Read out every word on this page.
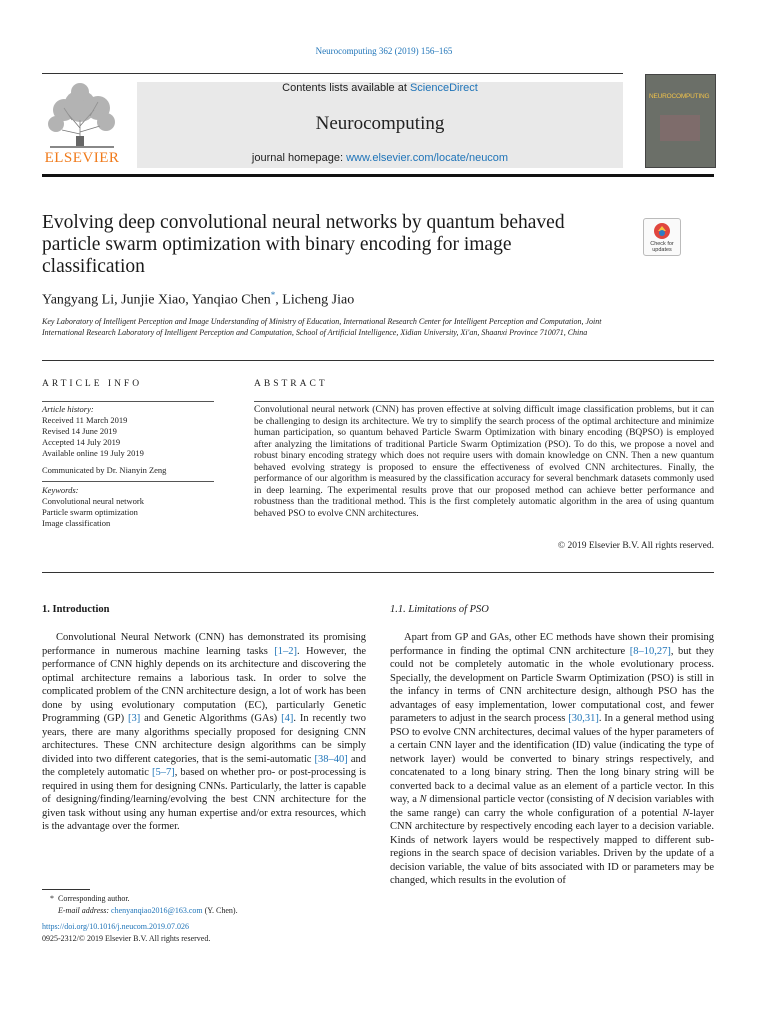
Neurocomputing 362 (2019) 156–165
ELSEVIER
Contents lists available at ScienceDirect
Neurocomputing
journal homepage: www.elsevier.com/locate/neucom
NEUROCOMPUTING
Evolving deep convolutional neural networks by quantum behaved particle swarm optimization with binary encoding for image classification
Check for
updates
Yangyang Li, Junjie Xiao, Yanqiao Chen*, Licheng Jiao
Key Laboratory of Intelligent Perception and Image Understanding of Ministry of Education, International Research Center for Intelligent Perception and Computation, Joint International Research Laboratory of Intelligent Perception and Computation, School of Artificial Intelligence, Xidian University, Xi'an, Shaanxi Province 710071, China
ARTICLE INFO
Article history:
Received 11 March 2019
Revised 14 June 2019
Accepted 14 July 2019
Available online 19 July 2019
Communicated by Dr. Nianyin Zeng
Keywords:
Convolutional neural network
Particle swarm optimization
Image classification
ABSTRACT
Convolutional neural network (CNN) has proven effective at solving difficult image classification problems, but it can be challenging to design its architecture. We try to simplify the search process of the optimal architecture and minimize human participation, so quantum behaved Particle Swarm Optimization with binary encoding (BQPSO) is employed after analyzing the limitations of traditional Particle Swarm Optimization (PSO). To do this, we propose a novel and robust binary encoding strategy which does not require users with domain knowledge on CNN. Then a new quantum behaved evolving strategy is proposed to ensure the effectiveness of evolved CNN architectures. Finally, the performance of our algorithm is measured by the classification accuracy for several benchmark datasets commonly used in deep learning. The experimental results prove that our proposed method can achieve better performance and robustness than the traditional method. This is the first completely automatic algorithm in the area of using quantum behaved PSO to evolve CNN architectures.
© 2019 Elsevier B.V. All rights reserved.
1. Introduction
Convolutional Neural Network (CNN) has demonstrated its promising performance in numerous machine learning tasks [1–2]. However, the performance of CNN highly depends on its architecture and discovering the optimal architecture remains a laborious task. In order to solve the complicated problem of the CNN architecture design, a lot of work has been done by using evolutionary computation (EC), particularly Genetic Programming (GP) [3] and Genetic Algorithms (GAs) [4]. In recently two years, there are many algorithms specially proposed for designing CNN architectures. These CNN architecture design algorithms can be simply divided into two different categories, that is the semi-automatic [38–40] and the completely automatic [5–7], based on whether pro- or post-processing is required in using them for designing CNNs. Particularly, the latter is capable of designing/finding/learning/evolving the best CNN architecture for the given task without using any human expertise and/or extra resources, which is the advantage over the former.
* Corresponding author.
E-mail address: chenyanqiao2016@163.com (Y. Chen).
https://doi.org/10.1016/j.neucom.2019.07.026
0925-2312/© 2019 Elsevier B.V. All rights reserved.
1.1. Limitations of PSO
Apart from GP and GAs, other EC methods have shown their promising performance in finding the optimal CNN architecture [8–10,27], but they could not be completely automatic in the whole evolutionary process. Specially, the development on Particle Swarm Optimization (PSO) is still in the infancy in terms of CNN architecture design, although PSO has the advantages of easy implementation, lower computational cost, and fewer parameters to adjust in the search process [30,31]. In a general method using PSO to evolve CNN architectures, decimal values of the hyper parameters of a certain CNN layer and the identification (ID) value (indicating the type of network layer) would be converted to binary strings respectively, and concatenated to a long binary string. Then the long binary string will be converted back to a decimal value as an element of a particle vector. In this way, a N dimensional particle vector (consisting of N decision variables with the same range) can carry the whole configuration of a potential N-layer CNN architecture by respectively encoding each layer to a decision variable. Kinds of network layers would be respectively mapped to different sub-regions in the search space of decision variables. Driven by the update of a decision variable, the value of bits associated with ID or parameters may be changed, which results in the evolution of
